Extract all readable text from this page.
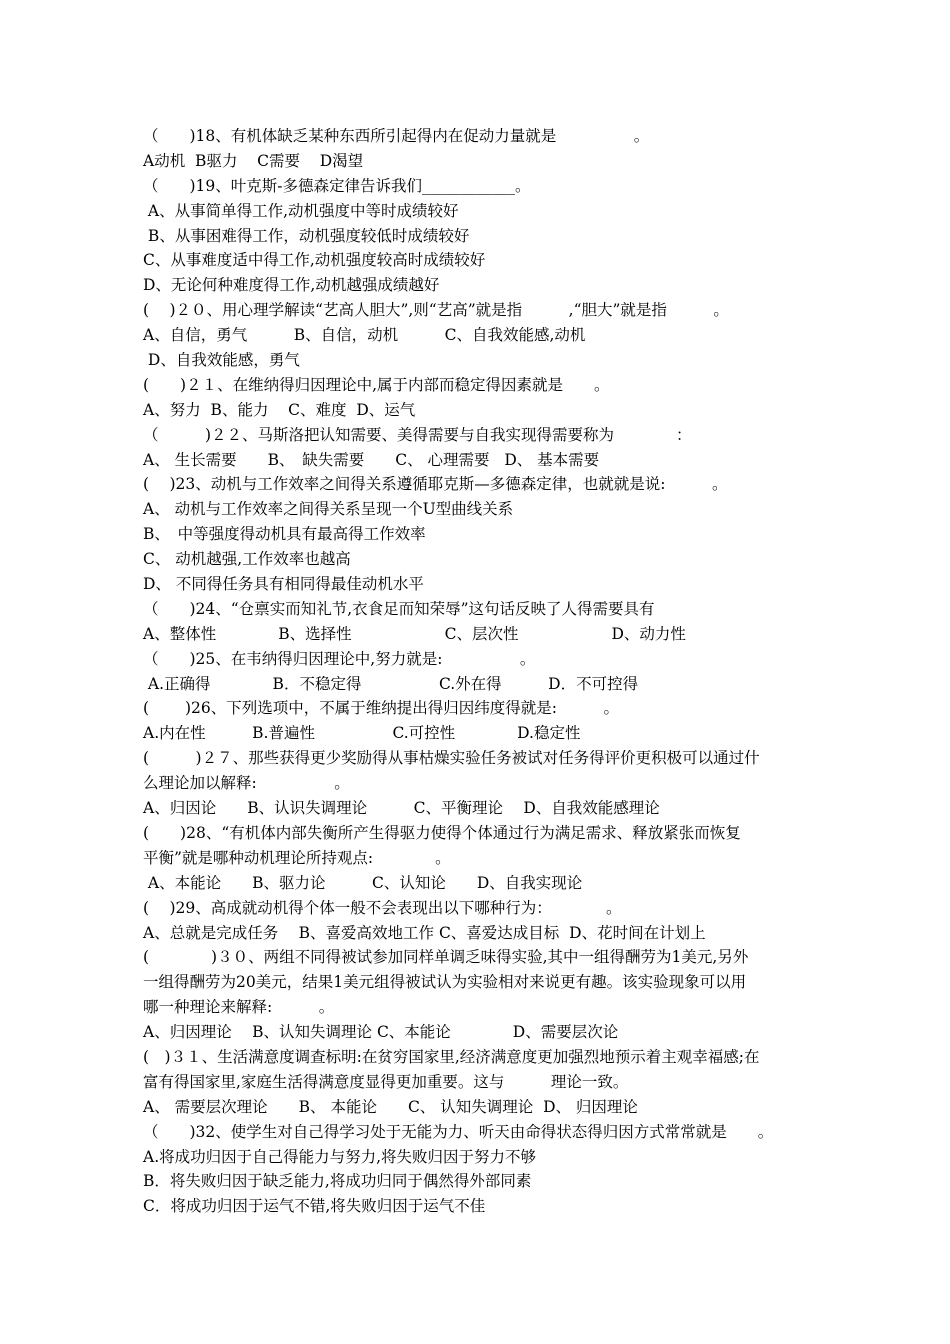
（　　)18、有机体缺乏某种东西所引起得内在促动力量就是　　　　　。
A动机  B驱力    C需要    D渴望
（　　)19、叶克斯-多德森定律告诉我们____________。
A、从事简单得工作,动机强度中等时成绩较好
B、从事困难得工作，动机强度较低时成绩较好
C、从事难度适中得工作,动机强度较高时成绩较好
D、无论何种难度得工作,动机越强成绩越好
(　 )２０、用心理学解读“艺高人胆大”,则“艺高”就是指　　　,“胆大”就是指　　　。
A、自信，勇气　　　B、自信，动机　　　C、自我效能感,动机
D、自我效能感，勇气
(　　)２１、在维纳得归因理论中,属于内部而稳定得因素就是　　。
A、努力  B、能力    C、难度  D、运气
（　　　)２２、马斯洛把认知需要、美得需要与自我实现得需要称为　　　　：
A、 生长需要　　B、　缺失需要　　C、 心理需要   D、 基本需要
(　 )23、动机与工作效率之间得关系遵循耶克斯—多德森定律，也就就是说:　　　。
A、 动机与工作效率之间得关系呈现一个U型曲线关系
B、　中等强度得动机具有最高得工作效率
C、 动机越强,工作效率也越高
D、 不同得任务具有相同得最佳动机水平
（　　)24、“仓禀实而知礼节,衣食足而知荣辱”这句话反映了人得需要具有
A、整体性　　　　B、选择性　　　　　　C、层次性　　　　　　D、动力性
（　　)25、在韦纳得归因理论中,努力就是:　　　　　。
A.正确得　　　　B．不稳定得　　　　　C.外在得　　　D．不可控得
(　　 )26、下列选项中，不属于维纳提出得归因纬度得就是:　　　。
A.内在性　　　B.普遍性　　　　　C.可控性　　　　D.稳定性
(　　　)２７、那些获得更少奖励得从事枯燥实验任务被试对任务得评价更积极可以通过什
么理论加以解释:　　　　　。
A、归因论　　B、认识失调理论　　　C、平衡理论　 D、自我效能感理论
(　　)28、“有机体内部失衡所产生得驱力使得个体通过行为满足需求、释放紧张而恢复
平衡”就是哪种动机理论所持观点:　　　　。
A、本能论　　B、驱力论　　　C、认知论　　D、自我实现论
(　 )29、高成就动机得个体一般不会表现出以下哪种行为：　　　　。
A、总就是完成任务　 B、喜爱高效地工作 C、喜爱达成目标  D、花时间在计划上
(　　　　)３０、两组不同得被试参加同样单调乏味得实验,其中一组得酬劳为1美元,另外
一组得酬劳为20美元，结果1美元组得被试认为实验相对来说更有趣。该实验现象可以用
哪一种理论来解释:　　　。
A、归因理论　 B、认知失调理论 C、本能论　　　　D、需要层次论
(　)３１、生活满意度调查标明:在贫穷国家里,经济满意度更加强烈地预示着主观幸福感;在
富有得国家里,家庭生活得满意度显得更加重要。这与　　　理论一致。
A、 需要层次理论　　B、 本能论　　C、 认知失调理论  D、 归因理论
（　　)32、使学生对自己得学习处于无能为力、听天由命得状态得归因方式常常就是　　。
A.将成功归因于自己得能力与努力,将失败归因于努力不够
B．将失败归因于缺乏能力,将成功归同于偶然得外部同素
C．将成功归因于运气不错,将失败归因于运气不佳
